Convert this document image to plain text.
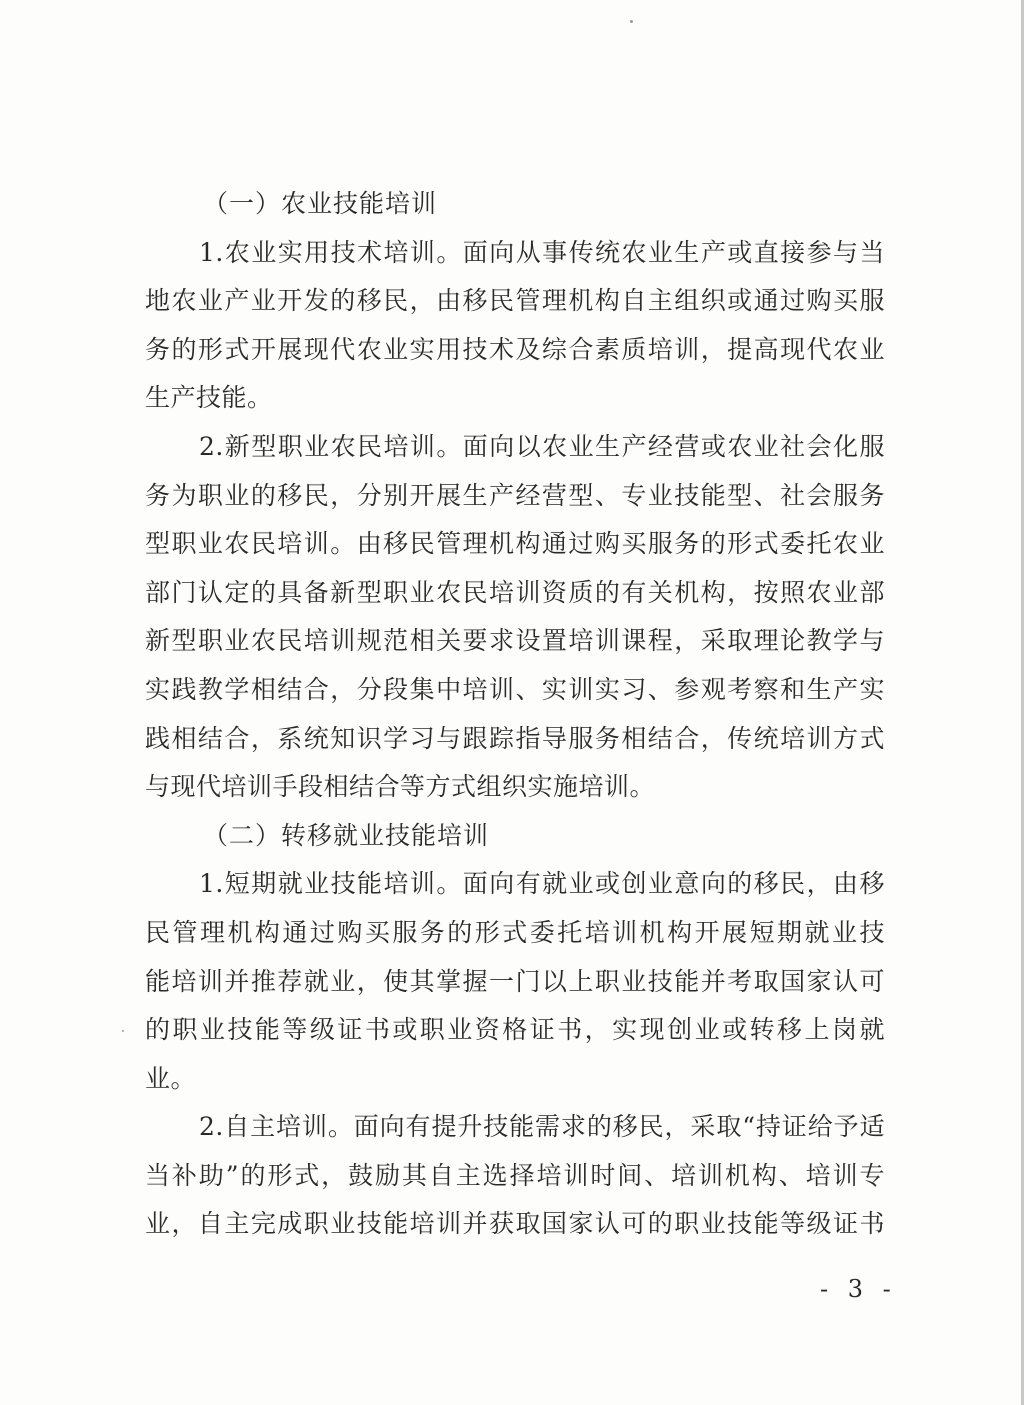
（一）农业技能培训
1.农业实用技术培训。面向从事传统农业生产或直接参与当
地农业产业开发的移民，由移民管理机构自主组织或通过购买服
务的形式开展现代农业实用技术及综合素质培训，提高现代农业
生产技能。
2.新型职业农民培训。面向以农业生产经营或农业社会化服
务为职业的移民，分别开展生产经营型、专业技能型、社会服务
型职业农民培训。由移民管理机构通过购买服务的形式委托农业
部门认定的具备新型职业农民培训资质的有关机构，按照农业部
新型职业农民培训规范相关要求设置培训课程，采取理论教学与
实践教学相结合，分段集中培训、实训实习、参观考察和生产实
践相结合，系统知识学习与跟踪指导服务相结合，传统培训方式
与现代培训手段相结合等方式组织实施培训。
（二）转移就业技能培训
1.短期就业技能培训。面向有就业或创业意向的移民，由移
民管理机构通过购买服务的形式委托培训机构开展短期就业技
能培训并推荐就业，使其掌握一门以上职业技能并考取国家认可
的职业技能等级证书或职业资格证书，实现创业或转移上岗就
业。
2.自主培训。面向有提升技能需求的移民，采取“持证给予适
当补助”的形式，鼓励其自主选择培训时间、培训机构、培训专
业，自主完成职业技能培训并获取国家认可的职业技能等级证书
- 3 -
